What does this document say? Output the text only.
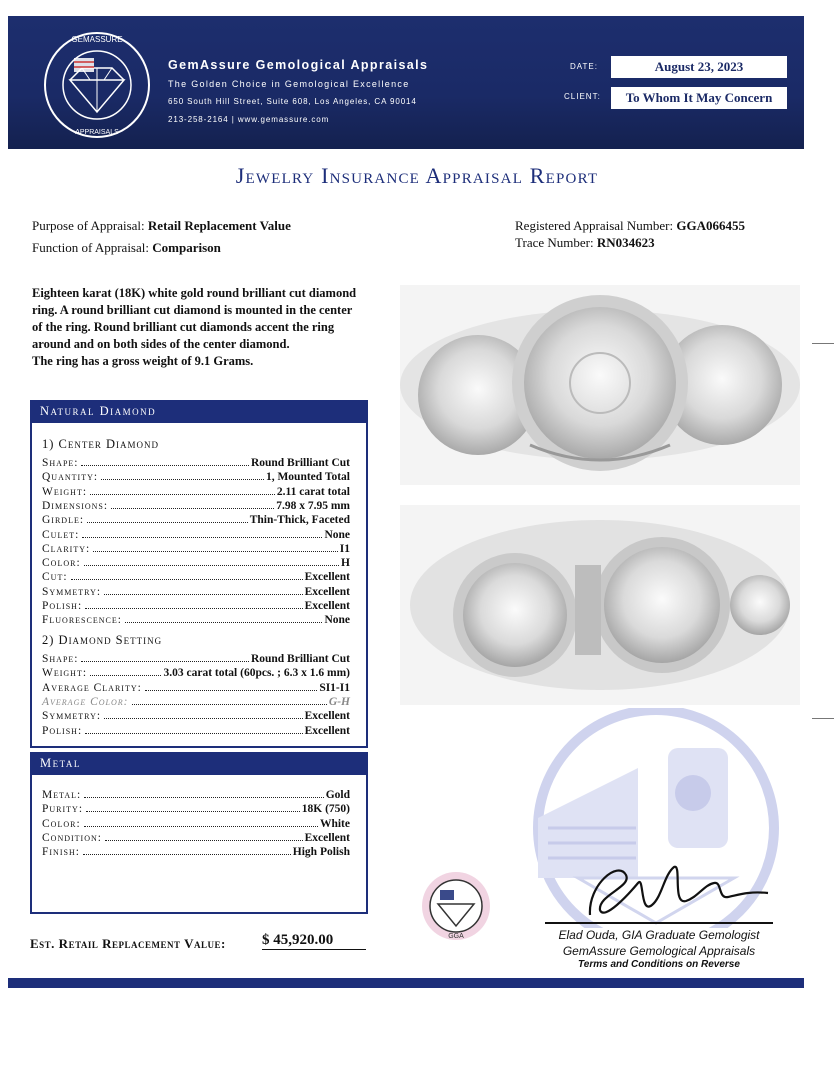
GEMASSURE
APPRAISALS
GemAssure Gemological Appraisals
The Golden Choice in Gemological Excellence
650 South Hill Street, Suite 608, Los Angeles, CA 90014
213-258-2164 | www.gemassure.com
DATE:	August 23, 2023
CLIENT:	To Whom It May Concern
Jewelry Insurance Appraisal Report
Purpose of Appraisal: Retail Replacement Value
Function of Appraisal: Comparison
Registered Appraisal Number: GGA066455
Trace Number: RN034623
Eighteen karat (18K) white gold round brilliant cut diamond
ring. A round brilliant cut diamond is mounted in the center
of the ring. Round brilliant cut diamonds accent the ring
around and on both sides of the center diamond.
The ring has a gross weight of 9.1 Grams.
Natural Diamond
1) Center Diamond
Shape:	Round Brilliant Cut
Quantity:	1, Mounted Total
Weight:	2.11 carat total
Dimensions:	7.98 x 7.95 mm
Girdle:	Thin-Thick, Faceted
Culet:	None
Clarity:	I1
Color:	H
Cut:	Excellent
Symmetry:	Excellent
Polish:	Excellent
Fluorescence:	None
2) Diamond Setting
Shape:	Round Brilliant Cut
Weight:	3.03 carat total (60pcs. ; 6.3 x 1.6 mm)
Average Clarity:	SI1-I1
Average Color:	G-H
Symmetry:	Excellent
Polish:	Excellent
Metal
Metal:	Gold
Purity:	18K (750)
Color:	White
Condition:	Excellent
Finish:	High Polish
GGA	Elad Ouda, GIA Graduate Gemologist
GemAssure Gemological Appraisals
Terms and Conditions on Reverse
Est. Retail Replacement Value: $ 45,920.00
